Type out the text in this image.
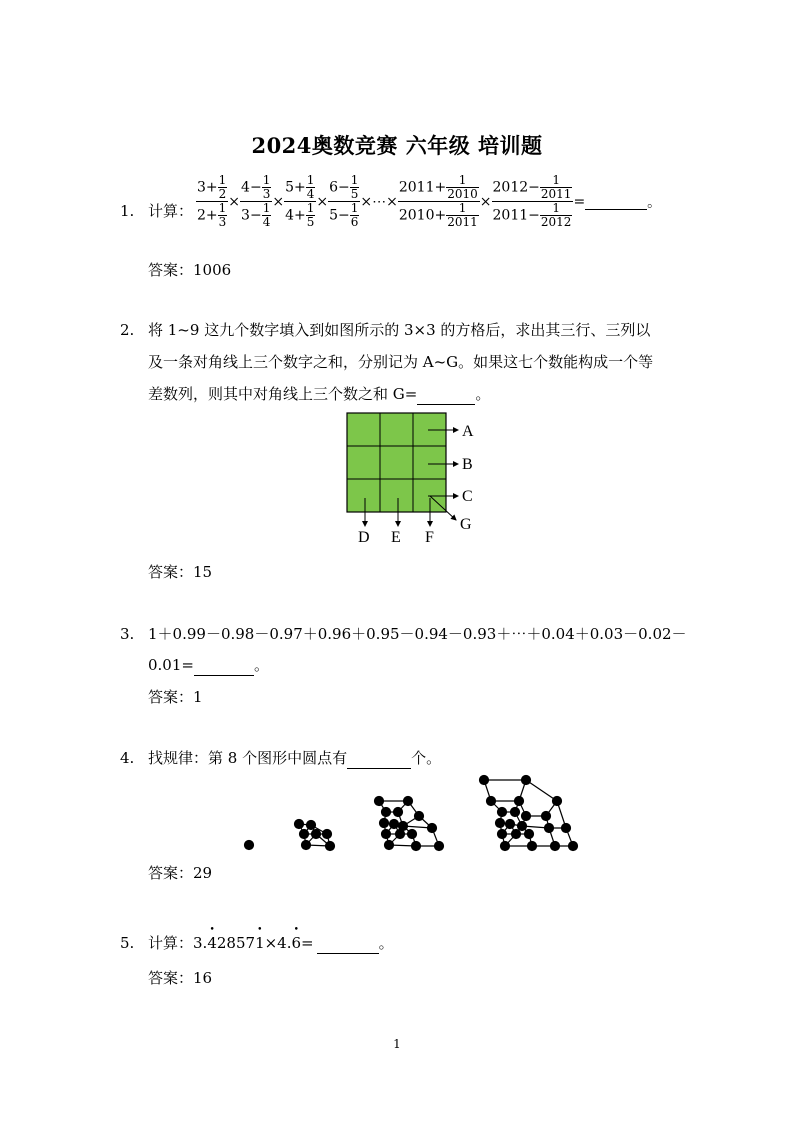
2024奥数竞赛 六年级 培训题
1. 计算： $\frac{3+ \frac{1}{2}}{2+ \frac{1}{3}} \times \frac{4- \frac{1}{3}}{3- \frac{1}{4}} \times \frac{5+ \frac{1}{4}}{4+ \frac{1}{5}} \times \frac{6- \frac{1}{5}}{5- \frac{1}{6}}$ ×⋯× $\frac{2011+ \frac{1}{2010}}{2010+ \frac{1}{2011}} \times \frac{2012- \frac{1}{2011}}{2011- \frac{1}{2012}}$ =
	。
答案：1006
2. 将 1~9 这九个数字填入到如图所示的 3×3 的方格后，求出其三行、三列以
及一条对角线上三个数字之和，分别记为 A~G。如果这七个数能构成一个等
差数列，则其中对角线上三个数之和 G=	。
A
B
C
G
D E F
答案：15
3. 1＋0.99－0.98－0.97＋0.96＋0.95－0.94－0.93＋⋯＋0.04＋0.03－0.02－
0.01=	。
答案：1
4. 找规律：第 8 个图形中圆点有	个。
答案：29
5. 计算：3.• 42857• 1×4.• 6=	。
答案：16
1
